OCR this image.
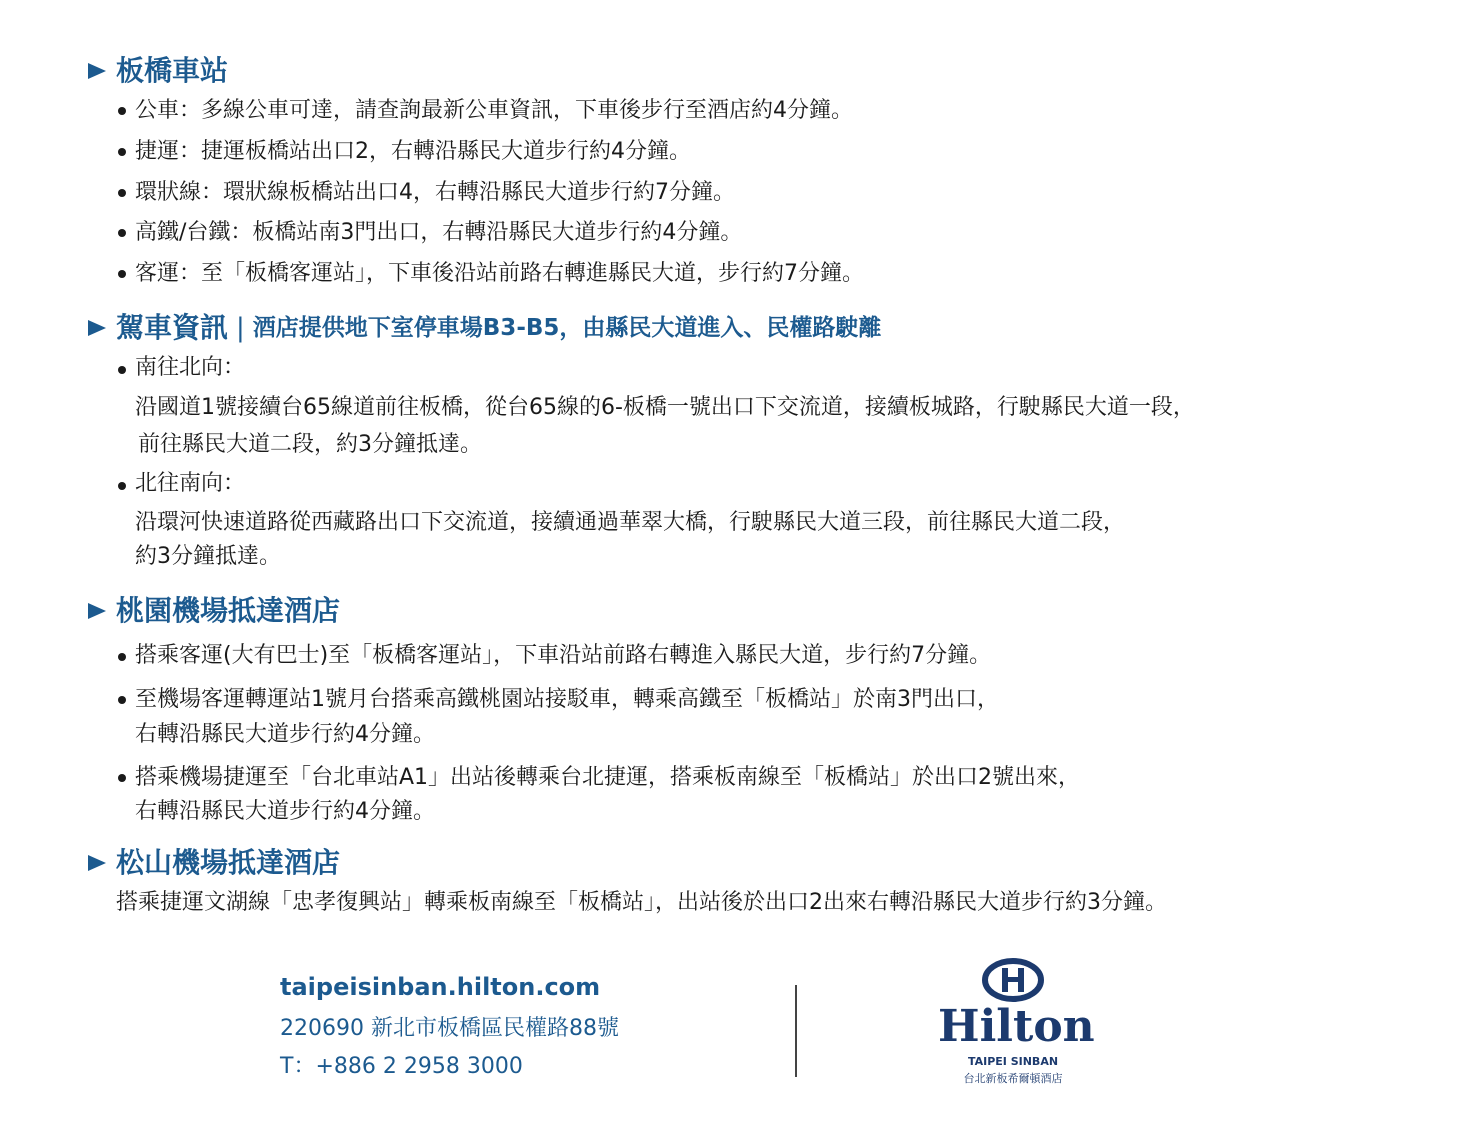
板橋車站
公車：多線公車可達，請查詢最新公車資訊，下車後步行至酒店約4分鐘。
捷運：捷運板橋站出口2，右轉沿縣民大道步行約4分鐘。
環狀線：環狀線板橋站出口4，右轉沿縣民大道步行約7分鐘。
高鐵/台鐵：板橋站南3門出口，右轉沿縣民大道步行約4分鐘。
客運：至「板橋客運站」，下車後沿站前路右轉進縣民大道，步行約7分鐘。
駕車資訊 | 酒店提供地下室停車場B3-B5，由縣民大道進入、民權路駛離
南往北向：
沿國道1號接續台65線道前往板橋，從台65線的6-板橋一號出口下交流道，接續板城路，行駛縣民大道一段，
前往縣民大道二段，約3分鐘抵達。
北往南向：
沿環河快速道路從西藏路出口下交流道，接續通過華翠大橋，行駛縣民大道三段，前往縣民大道二段，
約3分鐘抵達。
桃園機場抵達酒店
搭乘客運(大有巴士)至「板橋客運站」，下車沿站前路右轉進入縣民大道，步行約7分鐘。
至機場客運轉運站1號月台搭乘高鐵桃園站接駁車，轉乘高鐵至「板橋站」於南3門出口，
右轉沿縣民大道步行約4分鐘。
搭乘機場捷運至「台北車站A1」出站後轉乘台北捷運，搭乘板南線至「板橋站」於出口2號出來，
右轉沿縣民大道步行約4分鐘。
松山機場抵達酒店
搭乘捷運文湖線「忠孝復興站」轉乘板南線至「板橋站」，出站後於出口2出來右轉沿縣民大道步行約3分鐘。
taipeisinban.hilton.com
220690 新北市板橋區民權路88號
T：+886 2 2958 3000
Hilton
TAIPEI SINBAN
台北新板希爾頓酒店
